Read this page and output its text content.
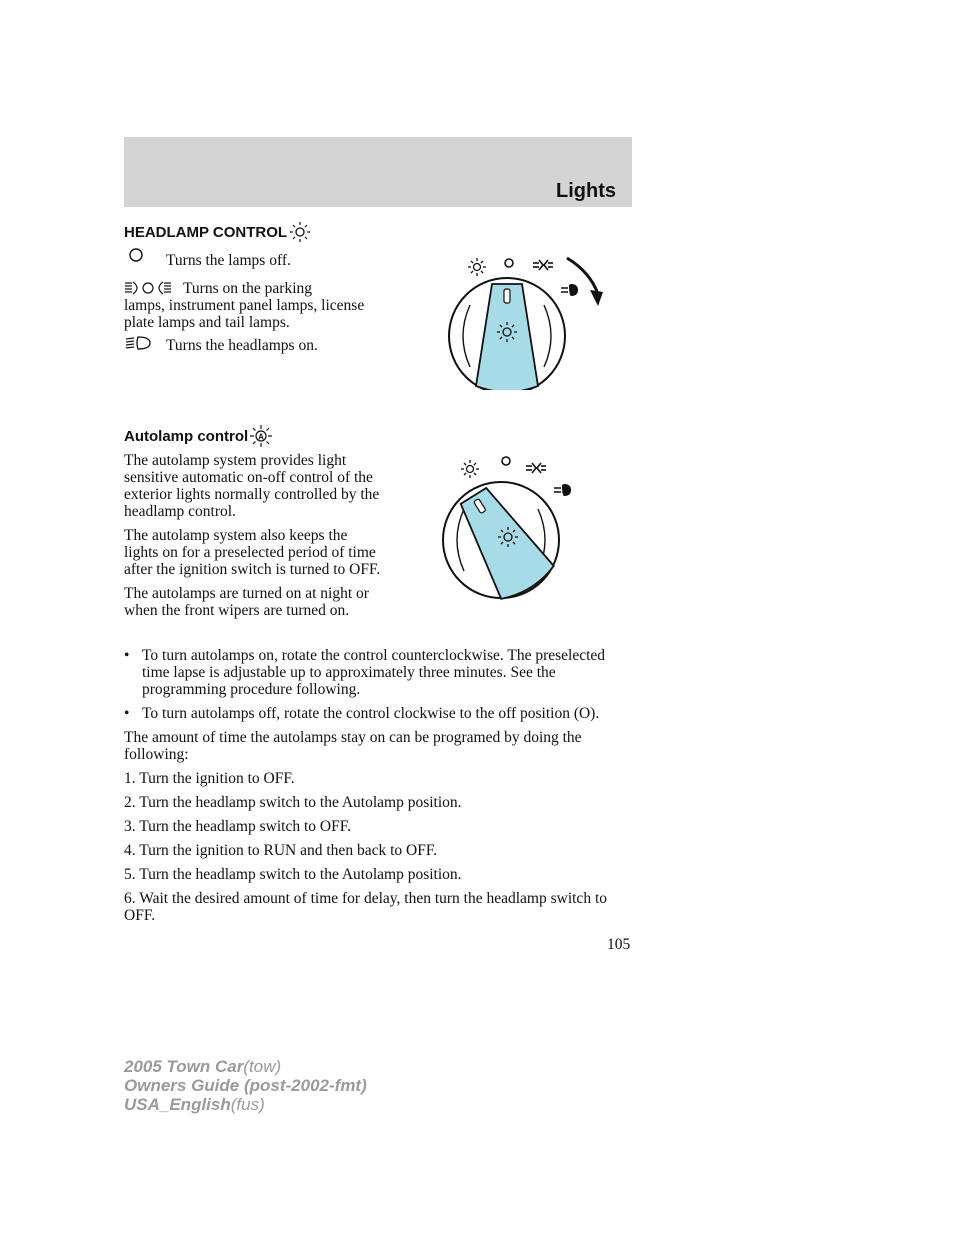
Lights
HEADLAMP CONTROL
Turns the lamps off.
Turns on the parking
lamps, instrument panel lamps, license plate lamps and tail lamps.
Turns the headlamps on.
Autolamp control A

The autolamp system provides light sensitive automatic on-off control of the exterior lights normally controlled by the headlamp control.

The autolamp system also keeps the lights on for a preselected period of time after the ignition switch is turned to OFF.

The autolamps are turned on at night or when the front wipers are turned on.

• To turn autolamps on, rotate the control counterclockwise. The preselected time lapse is adjustable up to approximately three minutes. See the programming procedure following.
• To turn autolamps off, rotate the control clockwise to the off position (O).

The amount of time the autolamps stay on can be programed by doing the following:

1. Turn the ignition to OFF.

2. Turn the headlamp switch to the Autolamp position.

3. Turn the headlamp switch to OFF.

4. Turn the ignition to RUN and then back to OFF.

5. Turn the headlamp switch to the Autolamp position.

6. Wait the desired amount of time for delay, then turn the headlamp switch to OFF.

105
2005 Town Car(tow)
Owners Guide (post-2002-fmt)
USA_English(fus)
